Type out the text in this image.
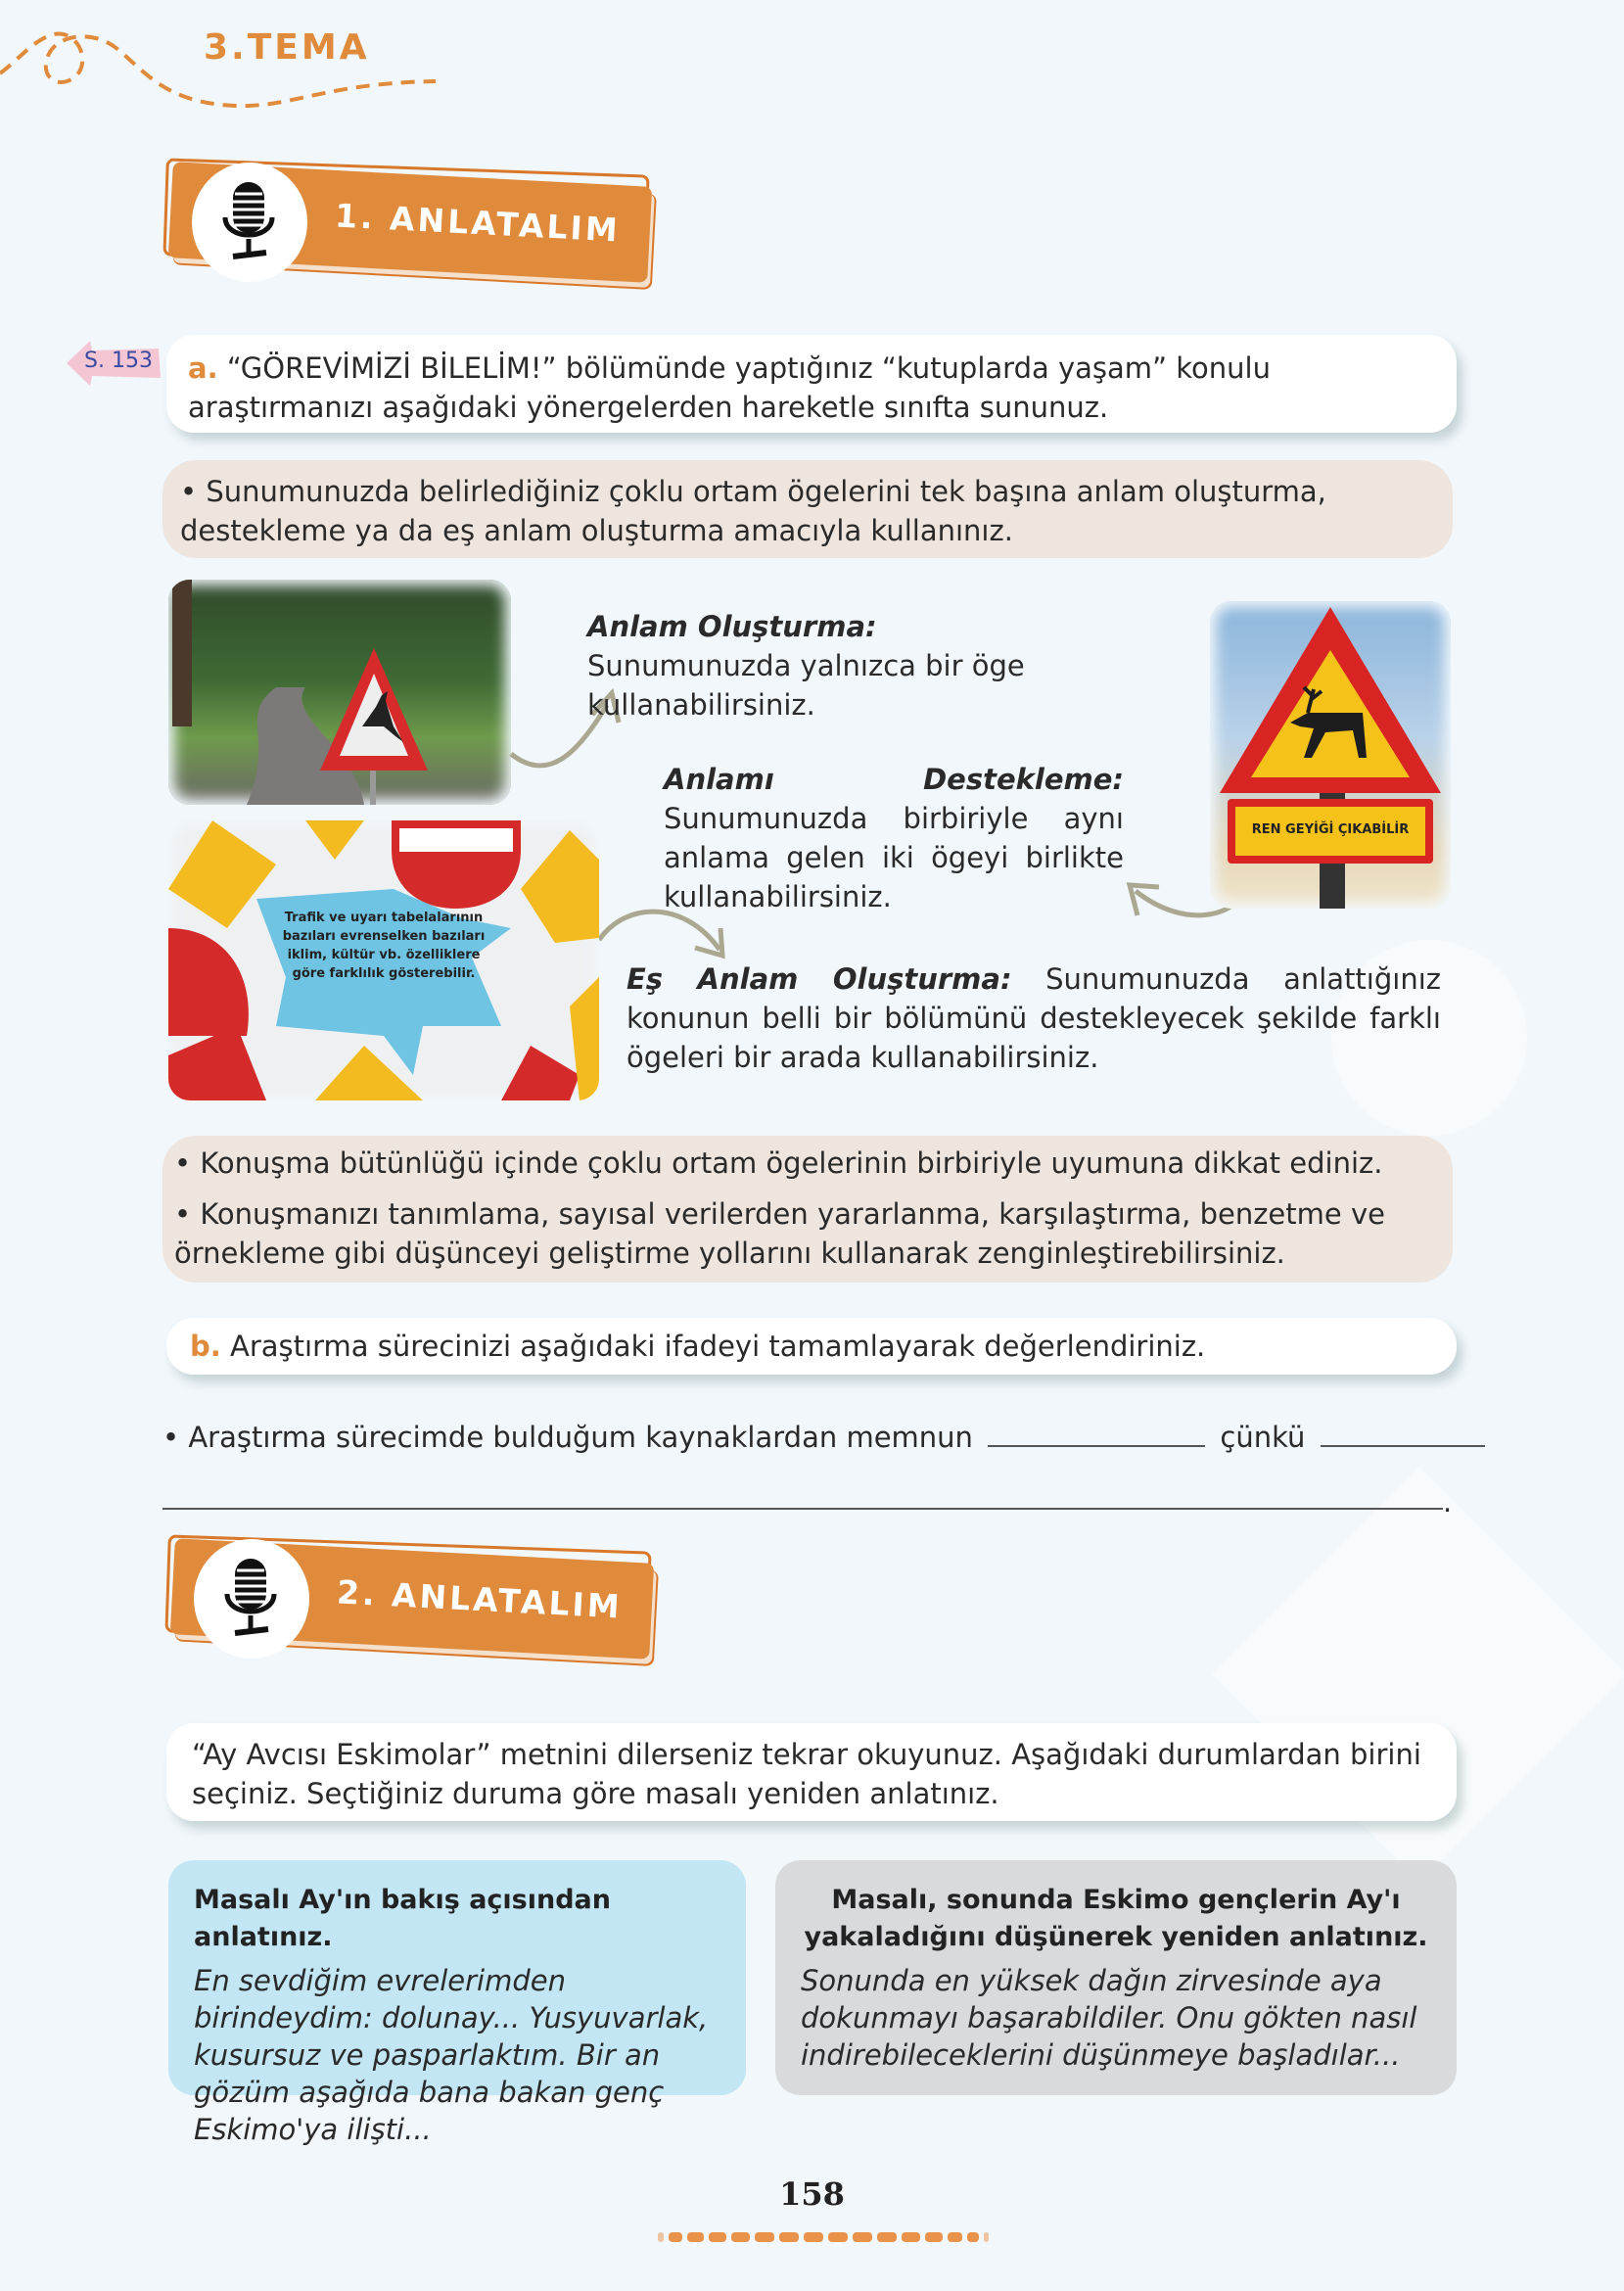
3.TEMA
1. ANLATALIM
S. 153 a. “GÖREVİMİZİ BİLELİM!” bölümünde yaptığınız “kutuplarda yaşam” konulu araştırmanızı aşağıdaki yönergelerden hareketle sınıfta sununuz.

• Sunumunuzda belirlediğiniz çoklu ortam ögelerini tek başına anlam oluşturma, destekleme ya da eş anlam oluşturma amacıyla kullanınız.

Anlam Oluşturma: Sunumunuzda yalnızca bir öge kullanabilirsiniz.

Anlamı Destekleme: Sunumunuzda birbiriyle aynı anlama gelen iki ögeyi birlikte kullanabilirsiniz.

Eş Anlam Oluşturma: Sunumunuzda anlattığınız konunun belli bir bölümünü destekleyecek şekilde farklı ögeleri bir arada kullanabilirsiniz.

REN GEYİĞİ ÇIKABİLİR
Trafik ve uyarı tabelalarının bazıları evrenselken bazıları iklim, kültür vb. özelliklere göre farklılık gösterebilir.

• Konuşma bütünlüğü içinde çoklu ortam ögelerinin birbiriyle uyumuna dikkat ediniz.

• Konuşmanızı tanımlama, sayısal verilerden yararlanma, karşılaştırma, benzetme ve örnekleme gibi düşünceyi geliştirme yollarını kullanarak zenginleştirebilirsiniz.

b. Araştırma sürecinizi aşağıdaki ifadeyi tamamlayarak değerlendiriniz.

• Araştırma sürecimde bulduğum kaynaklardan memnun	çünkü
.
2. ANLATALIM

“Ay Avcısı Eskimolar” metnini dilerseniz tekrar okuyunuz. Aşağıdaki durumlardan birini seçiniz. Seçtiğiniz duruma göre masalı yeniden anlatınız.

Masalı Ay'ın bakış açısından anlatınız.

En sevdiğim evrelerimden birindeydim: dolunay... Yusyuvarlak, kusursuz ve pasparlaktım. Bir an gözüm aşağıda bana bakan genç Eskimo'ya ilişti...

Masalı, sonunda Eskimo gençlerin Ay'ı yakaladığını düşünerek yeniden anlatınız.

Sonunda en yüksek dağın zirvesinde aya dokunmayı başarabildiler. Onu gökten nasıl indirebileceklerini düşünmeye başladılar...

158
